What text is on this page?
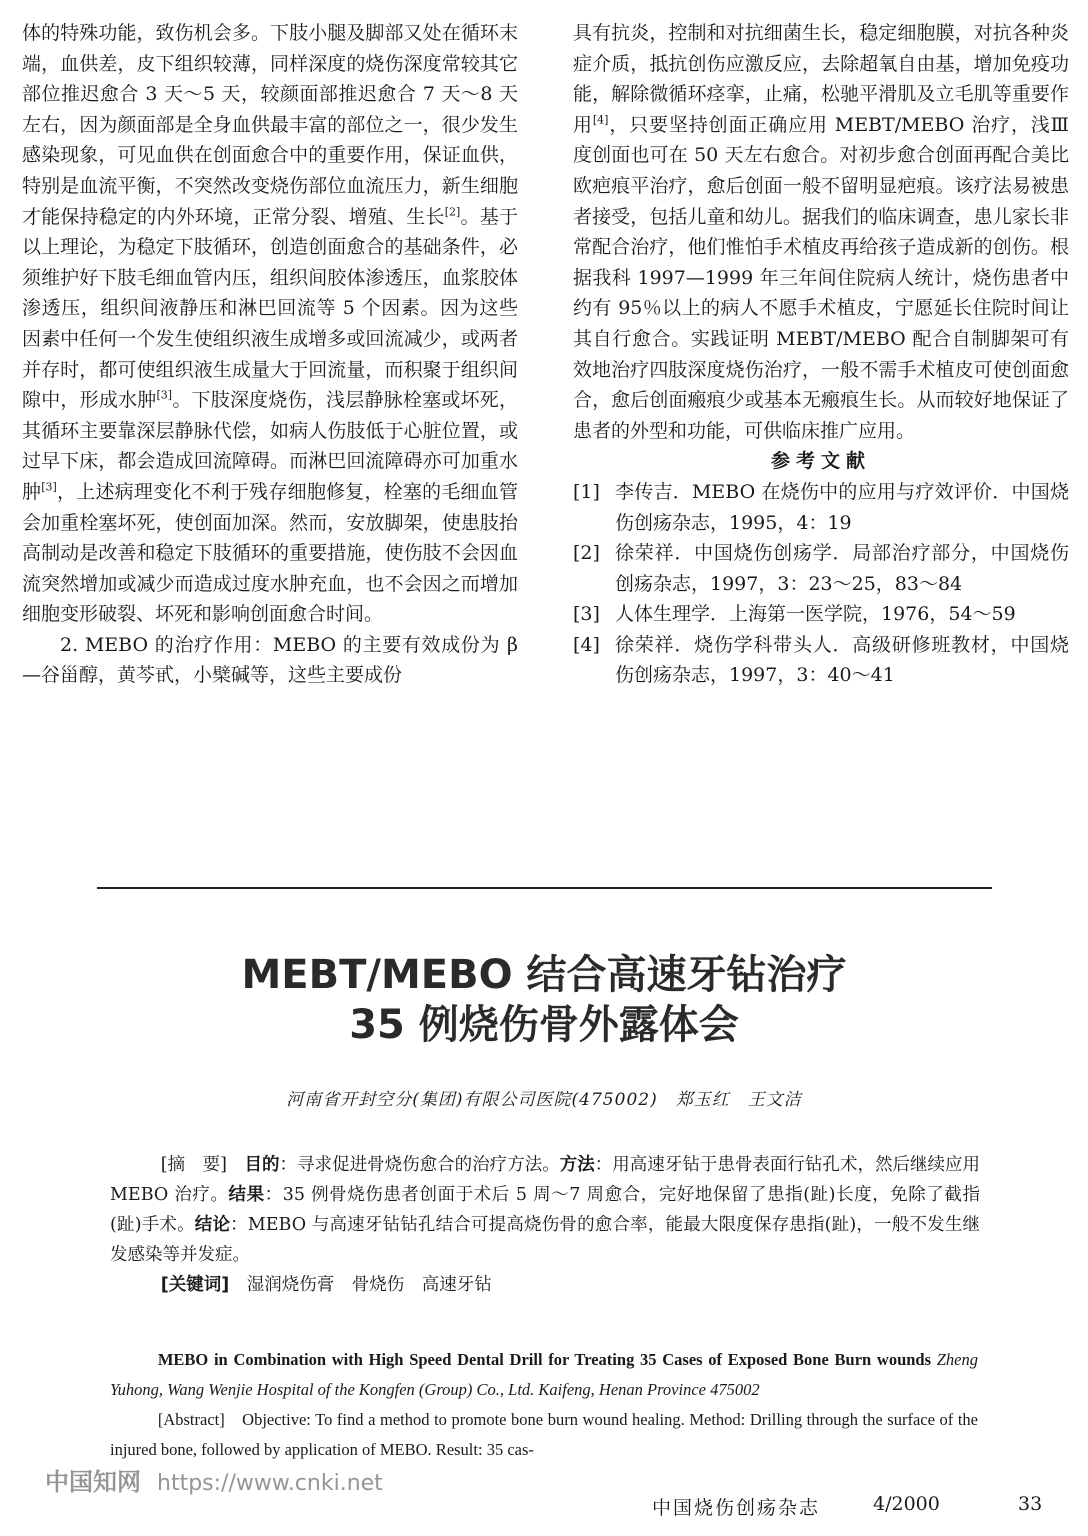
体的特殊功能，致伤机会多。下肢小腿及脚部又处在循环末端，血供差，皮下组织较薄，同样深度的烧伤深度常较其它部位推迟愈合 3 天～5 天，较颜面部推迟愈合 7 天～8 天左右，因为颜面部是全身血供最丰富的部位之一，很少发生感染现象，可见血供在创面愈合中的重要作用，保证血供，特别是血流平衡，不突然改变烧伤部位血流压力，新生细胞才能保持稳定的内外环境，正常分裂、增殖、生长[2]。基于以上理论，为稳定下肢循环，创造创面愈合的基础条件，必须维护好下肢毛细血管内压，组织间胶体渗透压，血浆胶体渗透压，组织间液静压和淋巴回流等 5 个因素。因为这些因素中任何一个发生使组织液生成增多或回流减少，或两者并存时，都可使组织液生成量大于回流量，而积聚于组织间隙中，形成水肿[3]。下肢深度烧伤，浅层静脉栓塞或坏死，其循环主要靠深层静脉代偿，如病人伤肢低于心脏位置，或过早下床，都会造成回流障碍。而淋巴回流障碍亦可加重水肿[3]，上述病理变化不利于残存细胞修复，栓塞的毛细血管会加重栓塞坏死，使创面加深。然而，安放脚架，使患肢抬高制动是改善和稳定下肢循环的重要措施，使伤肢不会因血流突然增加或减少而造成过度水肿充血，也不会因之而增加细胞变形破裂、坏死和影响创面愈合时间。

2. MEBO 的治疗作用：MEBO 的主要有效成份为 β—谷甾醇，黄芩甙，小檗碱等，这些主要成份

具有抗炎，控制和对抗细菌生长，稳定细胞膜，对抗各种炎症介质，抵抗创伤应激反应，去除超氧自由基，增加免疫功能，解除微循环痉挛，止痛，松驰平滑肌及立毛肌等重要作用[4]，只要坚持创面正确应用 MEBT/MEBO 治疗，浅Ⅲ度创面也可在 50 天左右愈合。对初步愈合创面再配合美比欧疤痕平治疗，愈后创面一般不留明显疤痕。该疗法易被患者接受，包括儿童和幼儿。据我们的临床调查，患儿家长非常配合治疗，他们惟怕手术植皮再给孩子造成新的创伤。根据我科 1997—1999 年三年间住院病人统计，烧伤患者中约有 95％以上的病人不愿手术植皮，宁愿延长住院时间让其自行愈合。实践证明 MEBT/MEBO 配合自制脚架可有效地治疗四肢深度烧伤治疗，一般不需手术植皮可使创面愈合，愈后创面瘢痕少或基本无瘢痕生长。从而较好地保证了患者的外型和功能，可供临床推广应用。

参考文献

[1] 李传吉．MEBO 在烧伤中的应用与疗效评价．中国烧伤创疡杂志，1995，4：19
[2] 徐荣祥．中国烧伤创疡学．局部治疗部分，中国烧伤创疡杂志，1997，3：23～25，83～84
[3] 人体生理学．上海第一医学院，1976，54～59
[4] 徐荣祥．烧伤学科带头人．高级研修班教材，中国烧伤创疡杂志，1997，3：40～41
MEBT/MEBO 结合高速牙钻治疗
35 例烧伤骨外露体会
河南省开封空分(集团)有限公司医院(475002)　郑玉红　王文洁

[摘　要]　 目的：寻求促进骨烧伤愈合的治疗方法。方法：用高速牙钻于患骨表面行钻孔术，然后继续应用 MEBO 治疗。结果：35 例骨烧伤患者创面于术后 5 周～7 周愈合，完好地保留了患指(趾)长度，免除了截指(趾)手术。结论：MEBO 与高速牙钻钻孔结合可提高烧伤骨的愈合率，能最大限度保存患指(趾)，一般不发生继发感染等并发症。

[关键词]　 湿润烧伤膏　骨烧伤　高速牙钻

MEBO in Combination with High Speed Dental Drill for Treating 35 Cases of Exposed Bone Burn wounds Zheng Yuhong, Wang Wenjie Hospital of the Kongfen (Group) Co., Ltd. Kaifeng, Henan Province 475002

[Abstract]　 Objective: To find a method to promote bone burn wound healing. Method: Drilling through the surface of the injured bone, followed by application of MEBO. Result: 35 cas-

中国知网 https://www.cnki.net
中国烧伤创疡杂志	4/2000	33
